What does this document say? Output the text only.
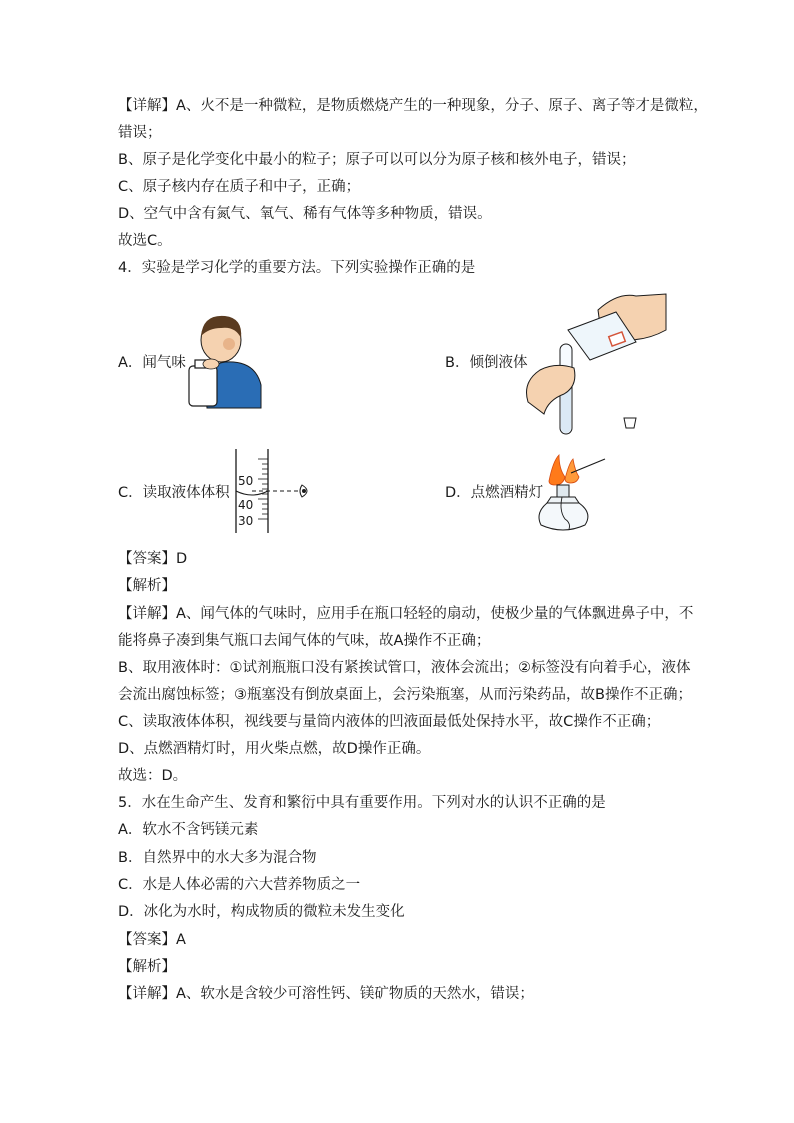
【详解】A、火不是一种微粒，是物质燃烧产生的一种现象，分子、原子、离子等才是微粒，
错误；
B、原子是化学变化中最小的粒子；原子可以可以分为原子核和核外电子，错误；
C、原子核内存在质子和中子，正确；
D、空气中含有氮气、氧气、稀有气体等多种物质，错误。
故选C。
4．实验是学习化学的重要方法。下列实验操作正确的是
A．闻气味	B．倾倒液体
C．读取液体体积
50
40
30
D．点燃酒精灯
【答案】D
【解析】
【详解】A、闻气体的气味时，应用手在瓶口轻轻的扇动，使极少量的气体飘进鼻子中，不
能将鼻子凑到集气瓶口去闻气体的气味，故A操作不正确；
B、取用液体时：①试剂瓶瓶口没有紧挨试管口，液体会流出；②标签没有向着手心，液体
会流出腐蚀标签；③瓶塞没有倒放桌面上，会污染瓶塞，从而污染药品，故B操作不正确；
C、读取液体体积，视线要与量筒内液体的凹液面最低处保持水平，故C操作不正确；
D、点燃酒精灯时，用火柴点燃，故D操作正确。
故选：D。
5．水在生命产生、发育和繁衍中具有重要作用。下列对水的认识不正确的是
A．软水不含钙镁元素
B．自然界中的水大多为混合物
C．水是人体必需的六大营养物质之一
D．冰化为水时，构成物质的微粒未发生变化
【答案】A
【解析】
【详解】A、软水是含较少可溶性钙、镁矿物质的天然水，错误；
